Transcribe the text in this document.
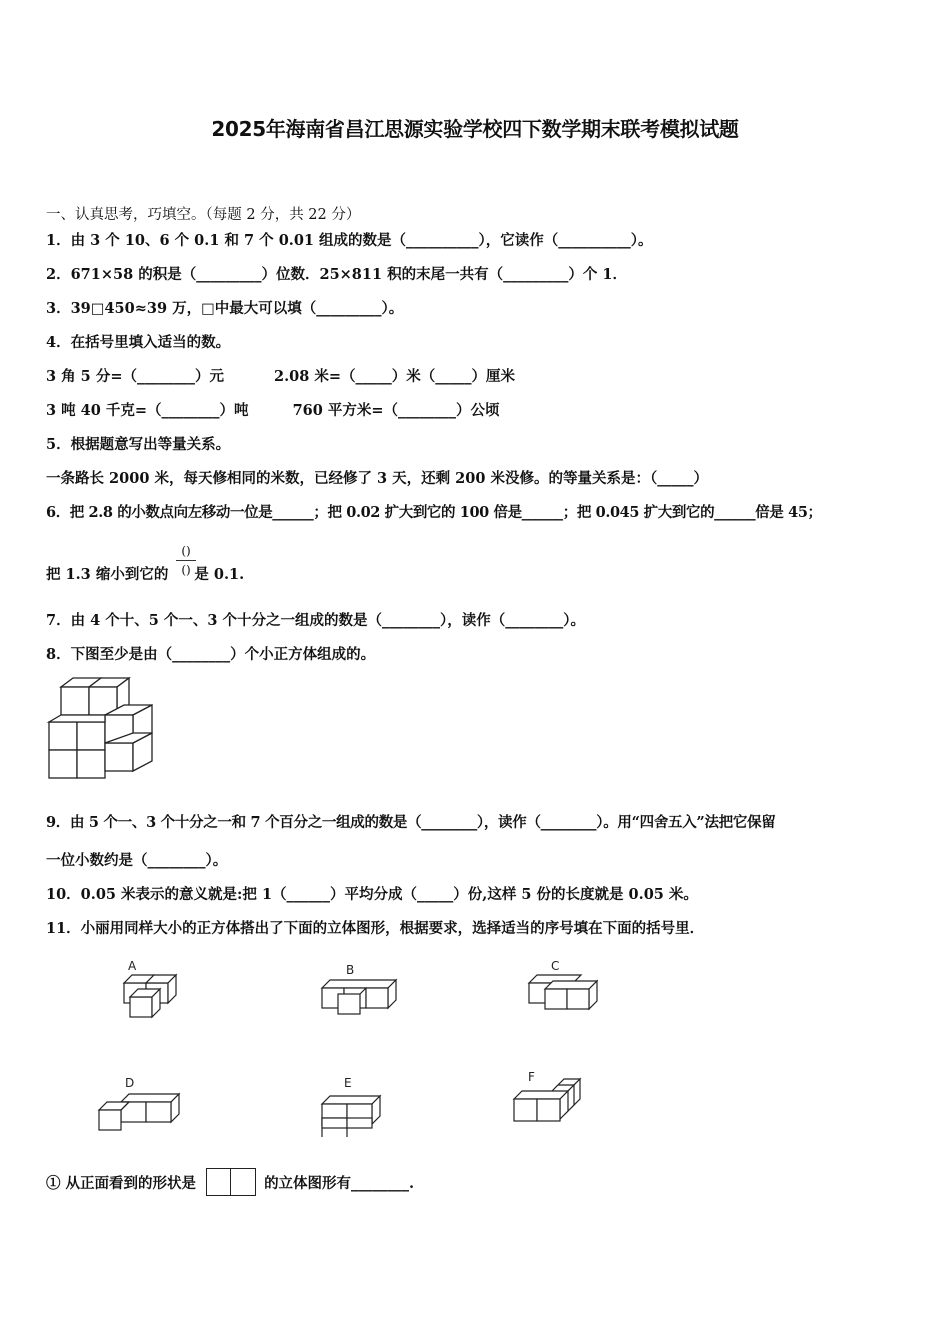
2025年海南省昌江思源实验学校四下数学期末联考模拟试题
一、认真思考，巧填空。（每题 2 分，共 22 分）
1．由 3 个 10、6 个 0.1 和 7 个 0.01 组成的数是（__________），它读作（__________）。
2．671×58 的积是（_________）位数．25×811 积的末尾一共有（_________）个 1．
3．39□450≈39 万，□中最大可以填（_________）。
4．在括号里填入适当的数。
3 角 5 分=（________）元	2.08 米=（_____）米（_____）厘米
3 吨 40 千克=（________）吨	760 平方米=（________）公顷
5．根据题意写出等量关系。
一条路长 2000 米，每天修相同的米数，已经修了 3 天，还剩 200 米没修。的等量关系是：（_____）
6．把 2.8 的小数点向左移动一位是______；把 0.02 扩大到它的 100 倍是______；把 0.045 扩大到它的______倍是 45；
把 1.3 缩小到它的 是 0.1.
()
()
7．由 4 个十、5 个一、3 个十分之一组成的数是（________），读作（________）。
8．下图至少是由（________）个小正方体组成的。
9．由 5 个一、3 个十分之一和 7 个百分之一组成的数是（________），读作（________）。用“四舍五入”法把它保留
一位小数约是（________）。
10．0.05 米表示的意义就是:把 1（______）平均分成（_____）份,这样 5 份的长度就是 0.05 米。
11．小丽用同样大小的正方体搭出了下面的立体图形，根据要求，选择适当的序号填在下面的括号里．
A	B	C
D	E	F
① 从正面看到的形状是	的立体图形有________.
